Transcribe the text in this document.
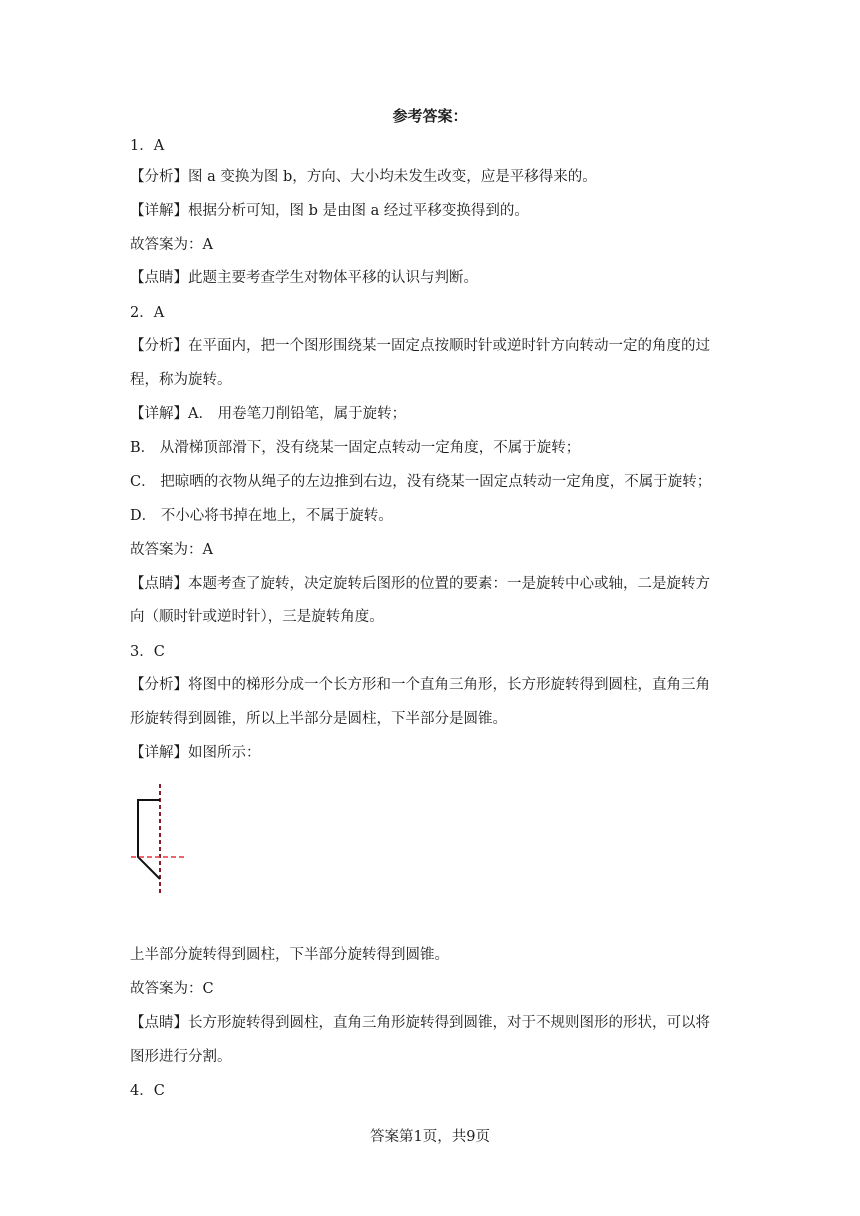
参考答案：
1．A
【分析】图 a 变换为图 b，方向、大小均未发生改变，应是平移得来的。
【详解】根据分析可知，图 b 是由图 a 经过平移变换得到的。
故答案为：A
【点睛】此题主要考查学生对物体平移的认识与判断。
2．A
【分析】在平面内，把一个图形围绕某一固定点按顺时针或逆时针方向转动一定的角度的过
程，称为旋转。
【详解】A． 用卷笔刀削铅笔，属于旋转；
B． 从滑梯顶部滑下，没有绕某一固定点转动一定角度，不属于旋转；
C． 把晾晒的衣物从绳子的左边推到右边，没有绕某一固定点转动一定角度，不属于旋转；
D． 不小心将书掉在地上，不属于旋转。
故答案为：A
【点睛】本题考查了旋转，决定旋转后图形的位置的要素：一是旋转中心或轴，二是旋转方
向（顺时针或逆时针），三是旋转角度。
3．C
【分析】将图中的梯形分成一个长方形和一个直角三角形，长方形旋转得到圆柱，直角三角
形旋转得到圆锥，所以上半部分是圆柱，下半部分是圆锥。
【详解】如图所示：
上半部分旋转得到圆柱，下半部分旋转得到圆锥。
故答案为：C
【点睛】长方形旋转得到圆柱，直角三角形旋转得到圆锥，对于不规则图形的形状，可以将
图形进行分割。
4．C
答案第1页，共9页
